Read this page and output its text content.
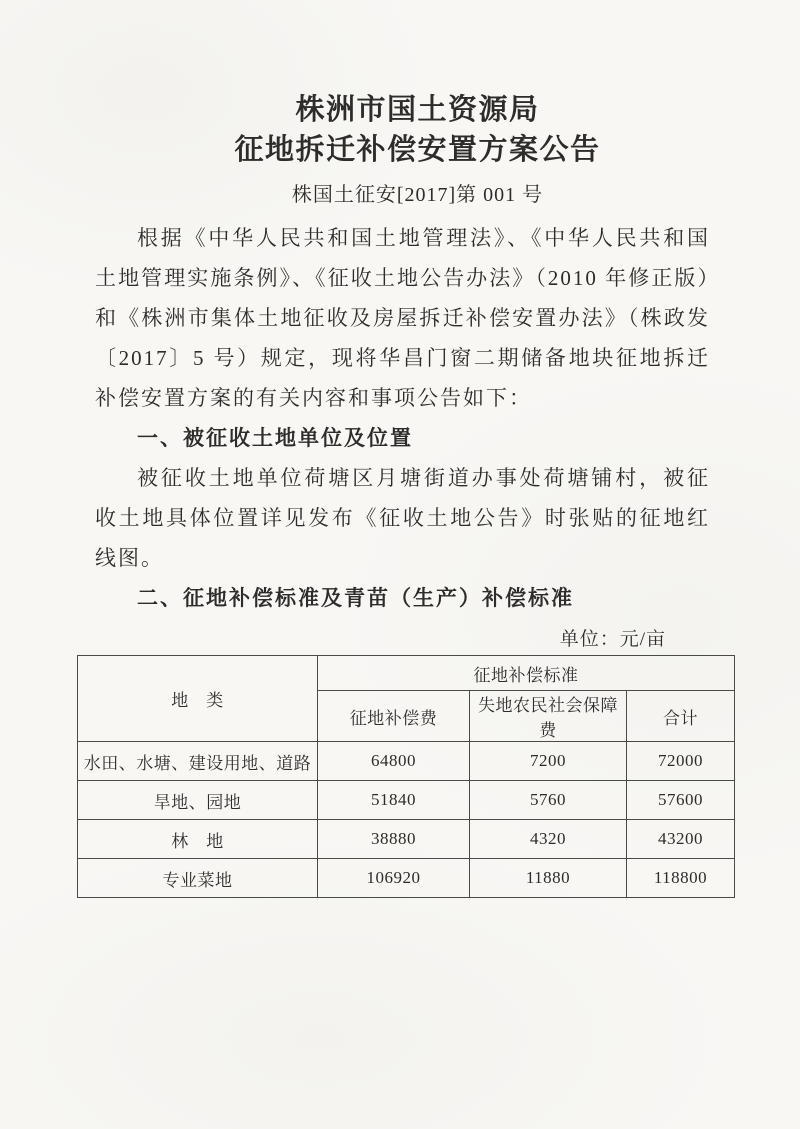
株洲市国土资源局
征地拆迁补偿安置方案公告
株国土征安[2017]第 001 号

根据《中华人民共和国土地管理法》、《中华人民共和国土地管理实施条例》、《征收土地公告办法》（2010 年修正版）和《株洲市集体土地征收及房屋拆迁补偿安置办法》（株政发〔2017〕5 号）规定，现将华昌门窗二期储备地块征地拆迁补偿安置方案的有关内容和事项公告如下：

一、被征收土地单位及位置

被征收土地单位荷塘区月塘街道办事处荷塘铺村，被征收土地具体位置详见发布《征收土地公告》时张贴的征地红线图。

二、征地补偿标准及青苗（生产）补偿标准

单位：元/亩
地　类	征地补偿标准		
	征地补偿费	失地农民社会保障费	合计
水田、水塘、建设用地、道路	64800	7200	72000
旱地、园地	51840	5760	57600
林　地	38880	4320	43200
专业菜地	106920	11880	118800
